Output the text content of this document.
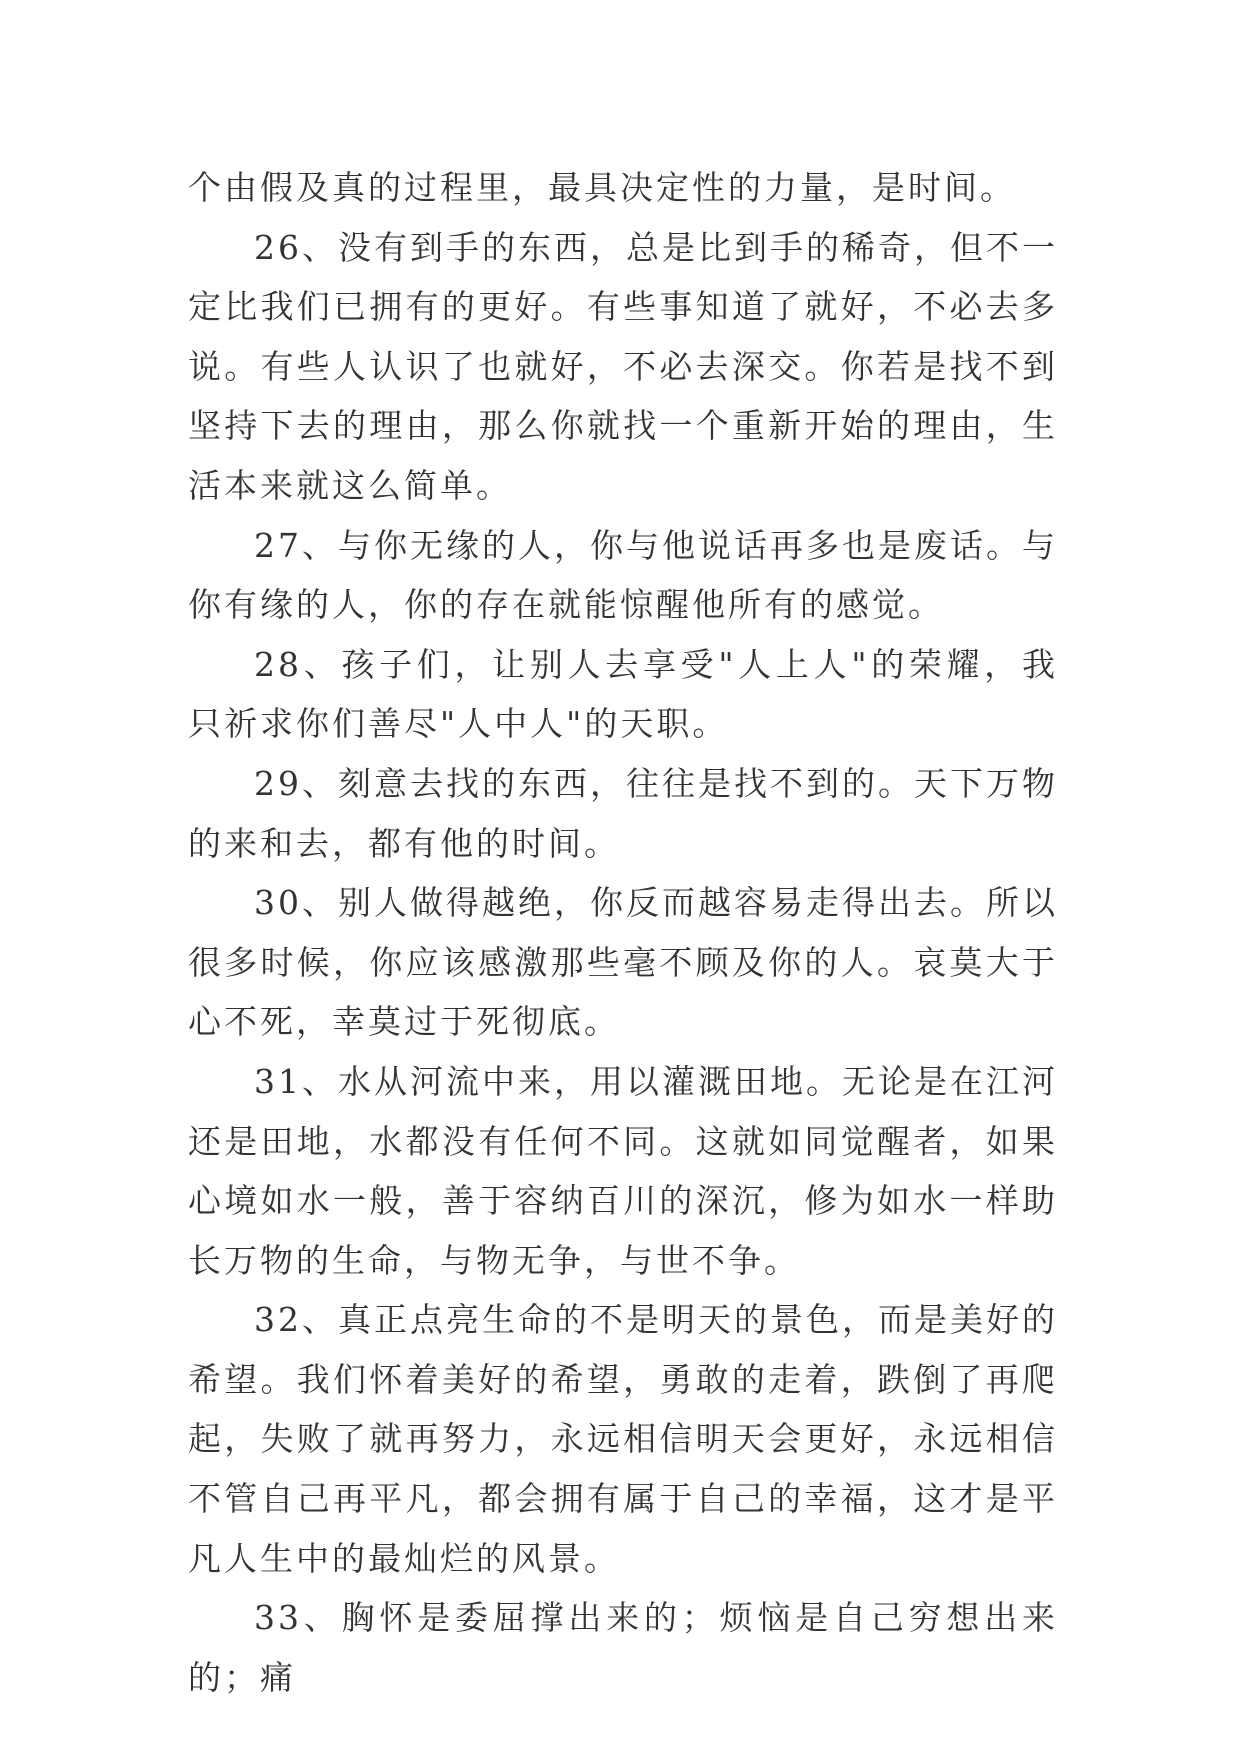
个由假及真的过程里，最具决定性的力量，是时间。

26、没有到手的东西，总是比到手的稀奇，但不一定比我们已拥有的更好。有些事知道了就好，不必去多说。有些人认识了也就好，不必去深交。你若是找不到坚持下去的理由，那么你就找一个重新开始的理由，生活本来就这么简单。

27、与你无缘的人，你与他说话再多也是废话。与你有缘的人，你的存在就能惊醒他所有的感觉。

28、孩子们，让别人去享受"人上人"的荣耀，我只祈求你们善尽"人中人"的天职。

29、刻意去找的东西，往往是找不到的。天下万物的来和去，都有他的时间。

30、别人做得越绝，你反而越容易走得出去。所以很多时候，你应该感激那些毫不顾及你的人。哀莫大于心不死，幸莫过于死彻底。

31、水从河流中来，用以灌溉田地。无论是在江河还是田地，水都没有任何不同。这就如同觉醒者，如果心境如水一般，善于容纳百川的深沉，修为如水一样助长万物的生命，与物无争，与世不争。

32、真正点亮生命的不是明天的景色，而是美好的希望。我们怀着美好的希望，勇敢的走着，跌倒了再爬起，失败了就再努力，永远相信明天会更好，永远相信不管自己再平凡，都会拥有属于自己的幸福，这才是平凡人生中的最灿烂的风景。

33、胸怀是委屈撑出来的；烦恼是自己穷想出来的；痛
